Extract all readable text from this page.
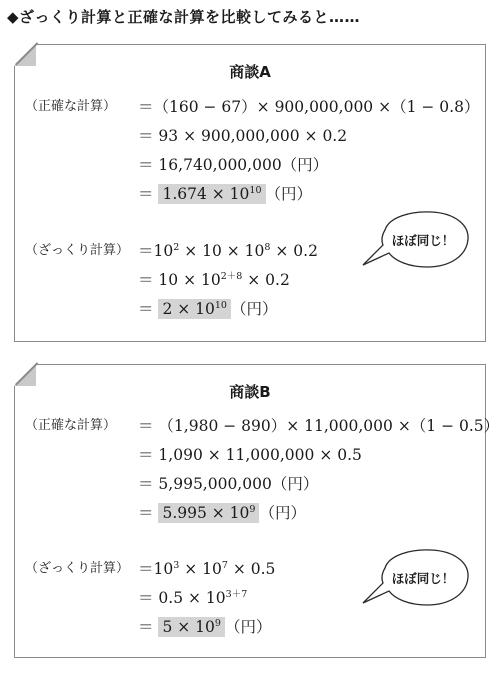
◆ざっくり計算と正確な計算を比較してみると……
商談A
（正確な計算） ＝（160 − 67）× 900,000,000 ×（1 − 0.8）
＝ 93 × 900,000,000 × 0.2
＝ 16,740,000,000（円）
＝ $1.674 \times 10^{10}$ （円）
（ざっくり計算） $=10^2 \times 10 \times 10^8 \times 0.2$
＝ $10 \times 10^{2+8} \times 0.2$
＝ $2 \times 10^{10}$ （円）
ほぼ同じ！
商談B
（正確な計算） ＝ （1,980 − 890）× 11,000,000 ×（1 − 0.5）
＝ 1,090 × 11,000,000 × 0.5
＝ 5,995,000,000（円）
＝ $5.995 \times 10^9$ （円）
（ざっくり計算） $=10^3 \times 10^7 \times 0.5$
＝ $0.5 \times 10^{3+7}$
＝ $5 \times 10^9$ （円）
ほぼ同じ！
